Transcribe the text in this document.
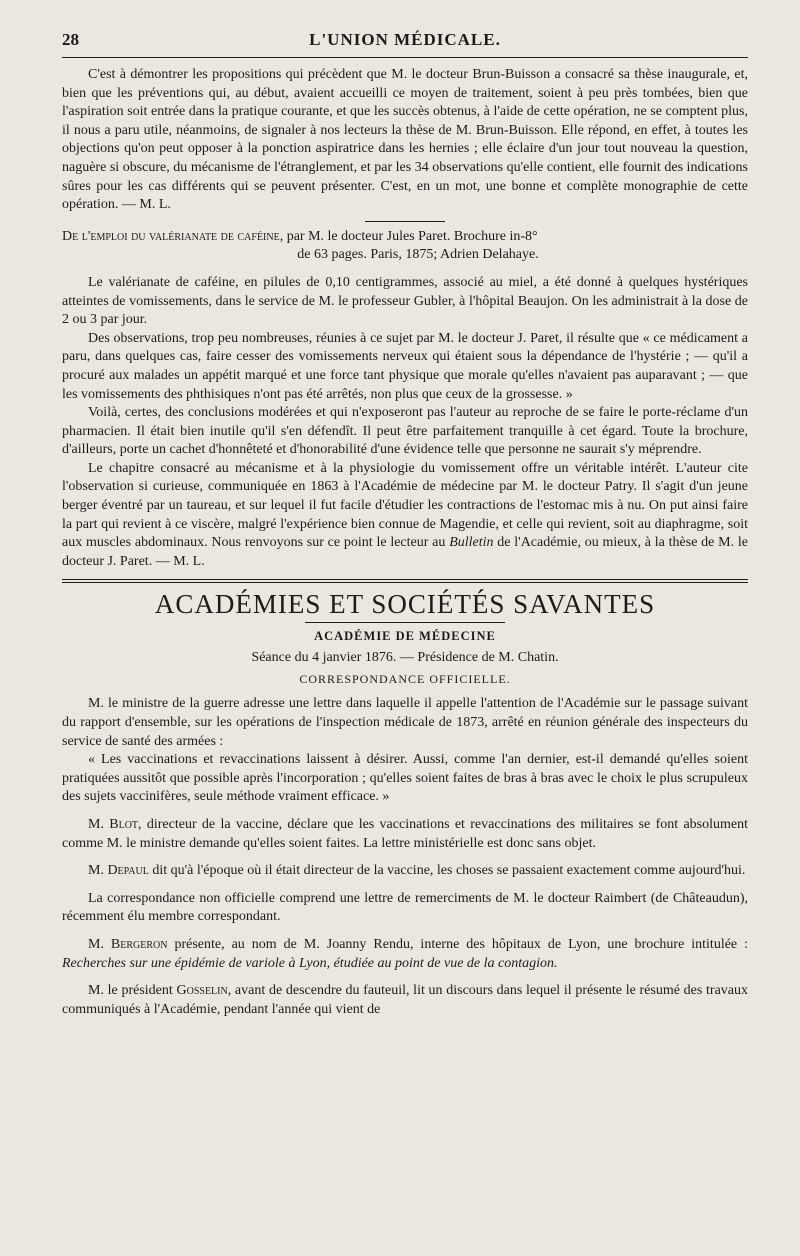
28	L'UNION MÉDICALE.

C'est à démontrer les propositions qui précèdent que M. le docteur Brun-Buisson a consacré sa thèse inaugurale, et, bien que les préventions qui, au début, avaient accueilli ce moyen de traitement, soient à peu près tombées, bien que l'aspiration soit entrée dans la pratique courante, et que les succès obtenus, à l'aide de cette opération, ne se comptent plus, il nous a paru utile, néanmoins, de signaler à nos lecteurs la thèse de M. Brun-Buisson. Elle répond, en effet, à toutes les objections qu'on peut opposer à la ponction aspiratrice dans les hernies ; elle éclaire d'un jour tout nouveau la question, naguère si obscure, du mécanisme de l'étranglement, et par les 34 observations qu'elle contient, elle fournit des indications sûres pour les cas différents qui se peuvent présenter. C'est, en un mot, une bonne et complète monographie de cette opération. — M. L.

De l'emploi du valérianate de caféine, par M. le docteur Jules Paret. Brochure in-8°
de 63 pages. Paris, 1875; Adrien Delahaye.

Le valérianate de caféine, en pilules de 0,10 centigrammes, associé au miel, a été donné à quelques hystériques atteintes de vomissements, dans le service de M. le professeur Gubler, à l'hôpital Beaujon. On les administrait à la dose de 2 ou 3 par jour.

Des observations, trop peu nombreuses, réunies à ce sujet par M. le docteur J. Paret, il résulte que « ce médicament a paru, dans quelques cas, faire cesser des vomissements nerveux qui étaient sous la dépendance de l'hystérie ; — qu'il a procuré aux malades un appétit marqué et une force tant physique que morale qu'elles n'avaient pas auparavant ; — que les vomissements des phthisiques n'ont pas été arrêtés, non plus que ceux de la grossesse. »

Voilà, certes, des conclusions modérées et qui n'exposeront pas l'auteur au reproche de se faire le porte-réclame d'un pharmacien. Il était bien inutile qu'il s'en défendît. Il peut être parfaitement tranquille à cet égard. Toute la brochure, d'ailleurs, porte un cachet d'honnêteté et d'honorabilité d'une évidence telle que personne ne saurait s'y méprendre.

Le chapitre consacré au mécanisme et à la physiologie du vomissement offre un véritable intérêt. L'auteur cite l'observation si curieuse, communiquée en 1863 à l'Académie de médecine par M. le docteur Patry. Il s'agit d'un jeune berger éventré par un taureau, et sur lequel il fut facile d'étudier les contractions de l'estomac mis à nu. On put ainsi faire la part qui revient à ce viscère, malgré l'expérience bien connue de Magendie, et celle qui revient, soit au diaphragme, soit aux muscles abdominaux. Nous renvoyons sur ce point le lecteur au Bulletin de l'Académie, ou mieux, à la thèse de M. le docteur J. Paret. — M. L.

ACADÉMIES ET SOCIÉTÉS SAVANTES
ACADÉMIE DE MÉDECINE
Séance du 4 janvier 1876. — Présidence de M. Chatin.
CORRESPONDANCE OFFICIELLE.

M. le ministre de la guerre adresse une lettre dans laquelle il appelle l'attention de l'Académie sur le passage suivant du rapport d'ensemble, sur les opérations de l'inspection médicale de 1873, arrêté en réunion générale des inspecteurs du service de santé des armées :

« Les vaccinations et revaccinations laissent à désirer. Aussi, comme l'an dernier, est-il demandé qu'elles soient pratiquées aussitôt que possible après l'incorporation ; qu'elles soient faites de bras à bras avec le choix le plus scrupuleux des sujets vaccinifères, seule méthode vraiment efficace. »

M. Blot, directeur de la vaccine, déclare que les vaccinations et revaccinations des militaires se font absolument comme M. le ministre demande qu'elles soient faites. La lettre ministérielle est donc sans objet.

M. Depaul dit qu'à l'époque où il était directeur de la vaccine, les choses se passaient exactement comme aujourd'hui.

La correspondance non officielle comprend une lettre de remerciments de M. le docteur Raimbert (de Châteaudun), récemment élu membre correspondant.

M. Bergeron présente, au nom de M. Joanny Rendu, interne des hôpitaux de Lyon, une brochure intitulée : Recherches sur une épidémie de variole à Lyon, étudiée au point de vue de la contagion.

M. le président Gosselin, avant de descendre du fauteuil, lit un discours dans lequel il présente le résumé des travaux communiqués à l'Académie, pendant l'année qui vient de
